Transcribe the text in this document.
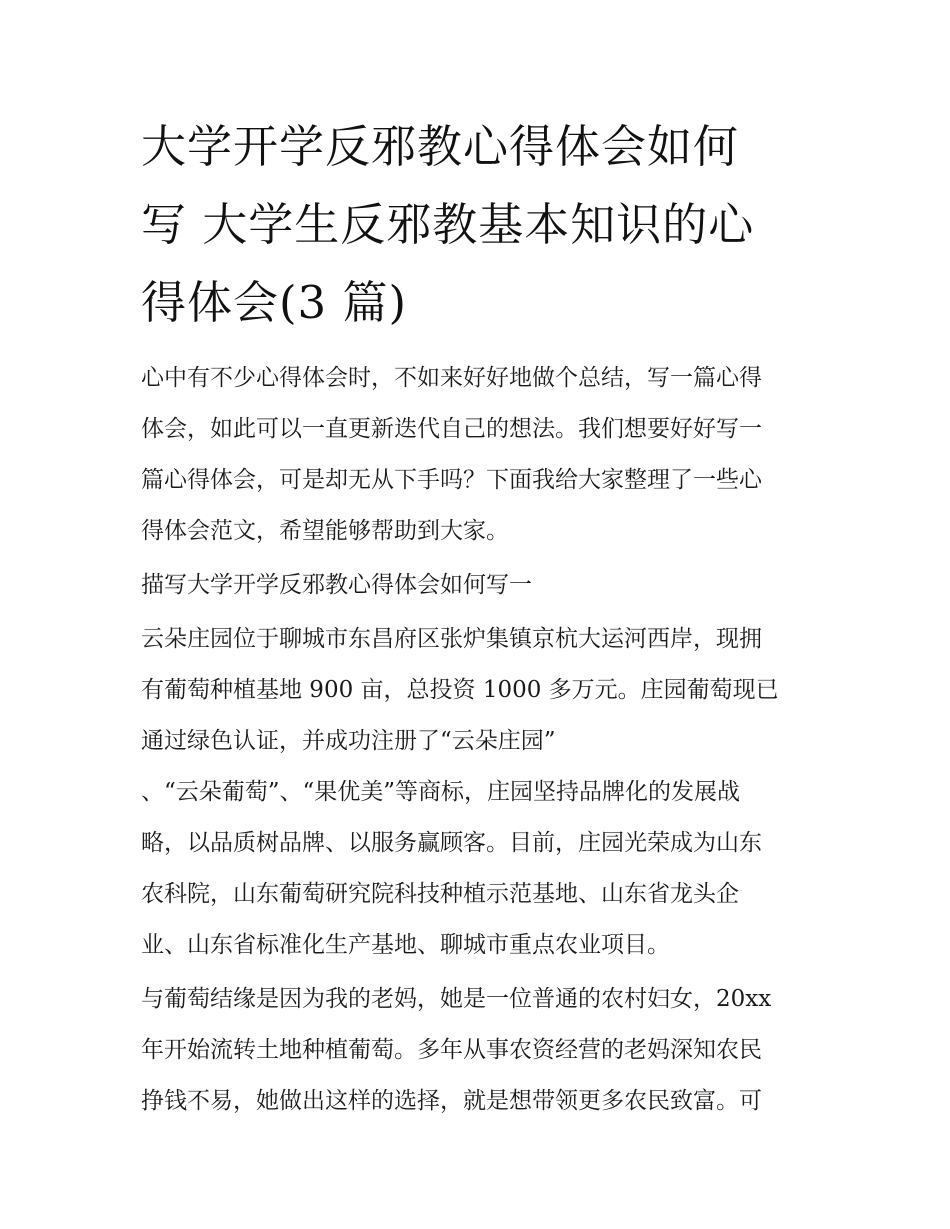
大学开学反邪教心得体会如何
写 大学生反邪教基本知识的心
得体会(3 篇)
心中有不少心得体会时，不如来好好地做个总结，写一篇心得
体会，如此可以一直更新迭代自己的想法。我们想要好好写一
篇心得体会，可是却无从下手吗？下面我给大家整理了一些心
得体会范文，希望能够帮助到大家。
描写大学开学反邪教心得体会如何写一
云朵庄园位于聊城市东昌府区张炉集镇京杭大运河西岸，现拥
有葡萄种植基地 900 亩，总投资 1000 多万元。庄园葡萄现已
通过绿色认证，并成功注册了“云朵庄园”
、“云朵葡萄”、“果优美”等商标，庄园坚持品牌化的发展战
略，以品质树品牌、以服务赢顾客。目前，庄园光荣成为山东
农科院，山东葡萄研究院科技种植示范基地、山东省龙头企
业、山东省标准化生产基地、聊城市重点农业项目。
与葡萄结缘是因为我的老妈，她是一位普通的农村妇女，20xx
年开始流转土地种植葡萄。多年从事农资经营的老妈深知农民
挣钱不易，她做出这样的选择，就是想带领更多农民致富。可
